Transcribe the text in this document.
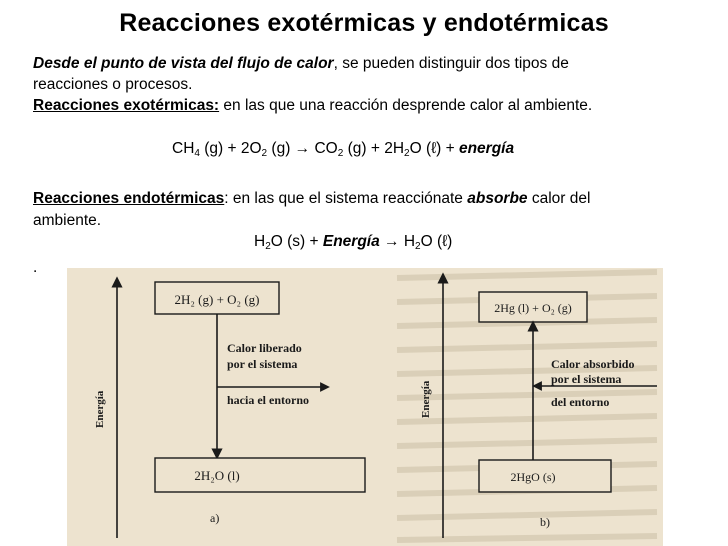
Reacciones exotérmicas y endotérmicas
Desde el punto de vista del flujo de calor, se pueden distinguir dos tipos de
reacciones o procesos.
Reacciones exotérmicas: en las que una reacción desprende calor al ambiente.
$CH_4$ $(g) + 2O_2$ $(g) \to CO_2$ $(g) + 2H_2O$ (ℓ) + energía
Reacciones endotérmicas: en las que el sistema reacciónate absorbe calor del
ambiente.
$H_2O$ (s) + Energía → $H_2O$ (ℓ)
.
Energía
2H₂ (g) + O₂ (g)
Calor liberado
por el sistema
hacia el entorno
2H₂O (l)
a)
Energía
2Hg (l) + O₂ (g)
Calor absorbido
por el sistema
del entorno
2HgO (s)
b)
